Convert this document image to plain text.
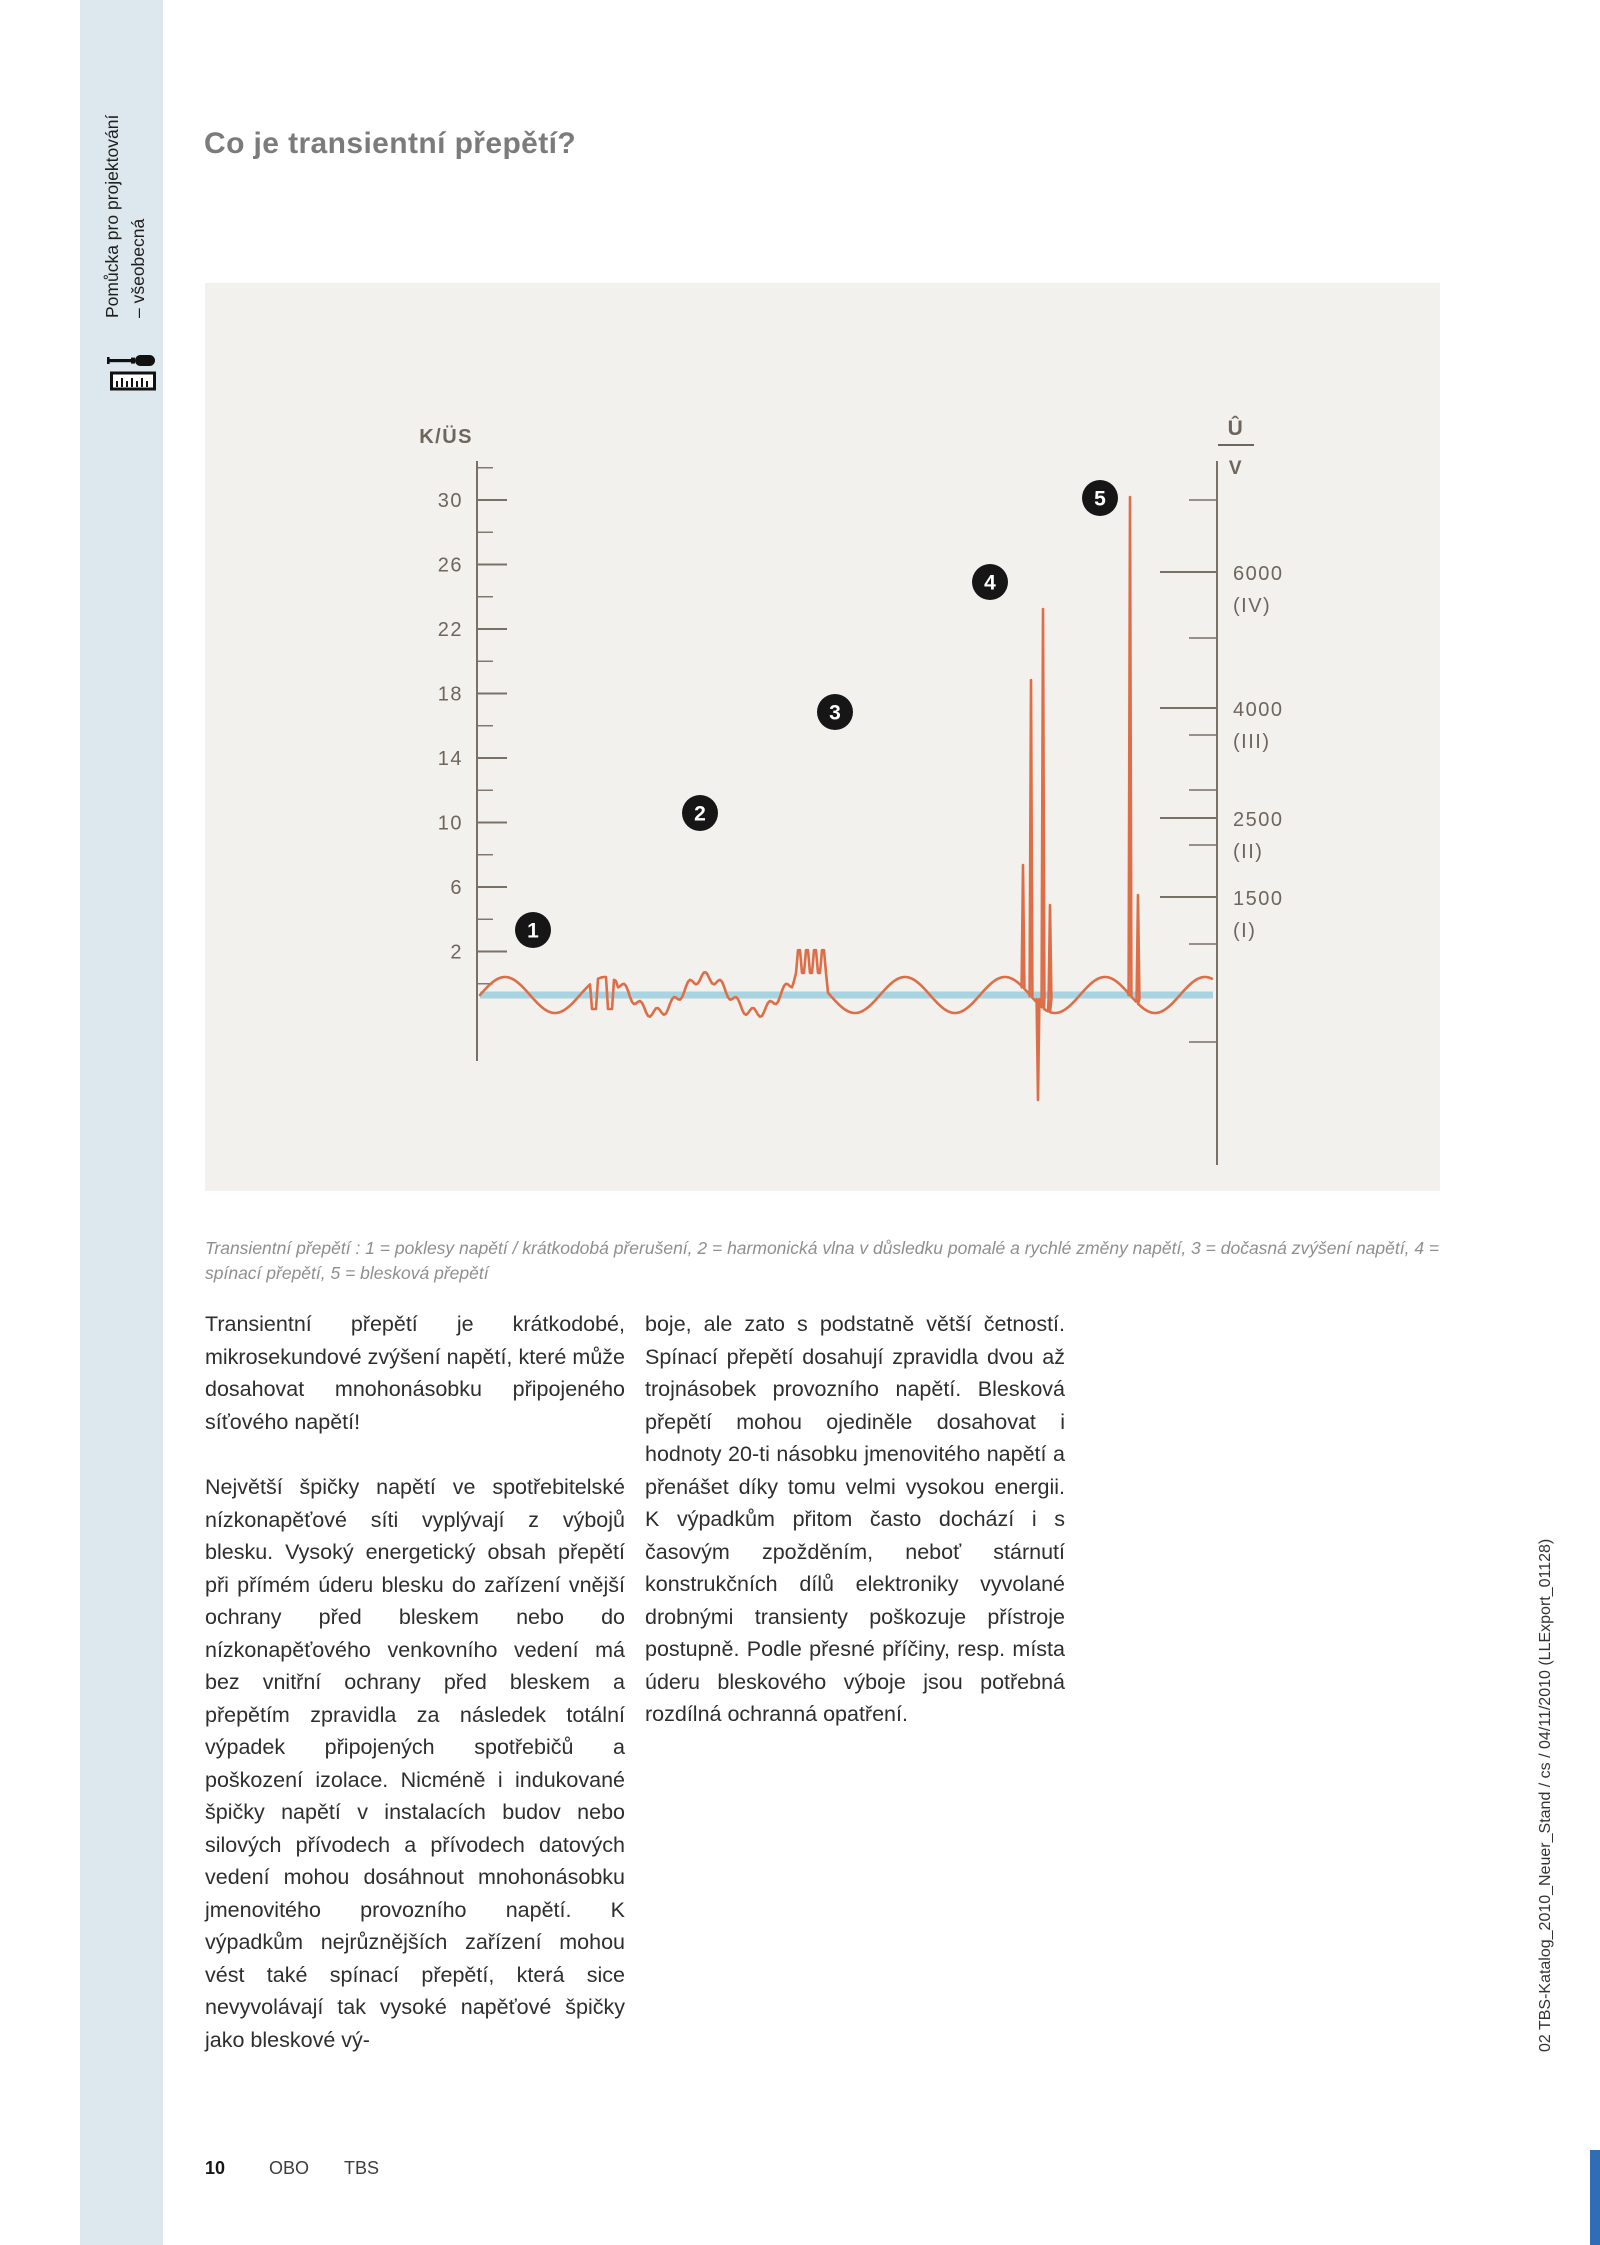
Pomůcka pro projektování – všeobecná
Co je transientní přepětí?
30
26
22
18
14
10
6
2
K/ÜS
6000
(IV)
4000
(III)
2500
(II)
1500
(I)
Û
V
1
2
3
4
5
Transientní přepětí : 1 = poklesy napětí / krátkodobá přerušení, 2 = harmonická vlna v důsledku pomalé a rychlé změny napětí, 3 = dočasná zvýšení napětí, 4 = spínací přepětí, 5 = blesková přepětí

Transientní přepětí je krátkodobé, mikrosekundové zvýšení napětí, které může dosahovat mnohonásobku připojeného síťového napětí!

Největší špičky napětí ve spotřebitelské nízkonapěťové síti vyplývají z výbojů blesku. Vysoký energetický obsah přepětí při přímém úderu blesku do zařízení vnější ochrany před bleskem nebo do nízkonapěťového venkovního vedení má bez vnitřní ochrany před bleskem a přepětím zpravidla za následek totální výpadek připojených spotřebičů a poškození izolace. Nicméně i indukované špičky napětí v instalacích budov nebo silových přívodech a přívodech datových vedení mohou dosáhnout mnohonásobku jmenovitého provozního napětí. K výpadkům nejrůznějších zařízení mohou vést také spínací přepětí, která sice nevyvolávají tak vysoké napěťové špičky jako bleskové vý-

boje, ale zato s podstatně větší četností. Spínací přepětí dosahují zpravidla dvou až trojnásobek provozního napětí. Blesková přepětí mohou ojediněle dosahovat i hodnoty 20-ti násobku jmenovitého napětí a přenášet díky tomu velmi vysokou energii. K výpadkům přitom často dochází i s časovým zpožděním, neboť stárnutí konstrukčních dílů elektroniky vyvolané drobnými transienty poškozuje přístroje postupně. Podle přesné příčiny, resp. místa úderu bleskového výboje jsou potřebná rozdílná ochranná opatření.	02 TBS-Katalog_2010_Neuer_Stand / cs / 04/11/2010 (LLExport_01128)
10 OBO TBS
